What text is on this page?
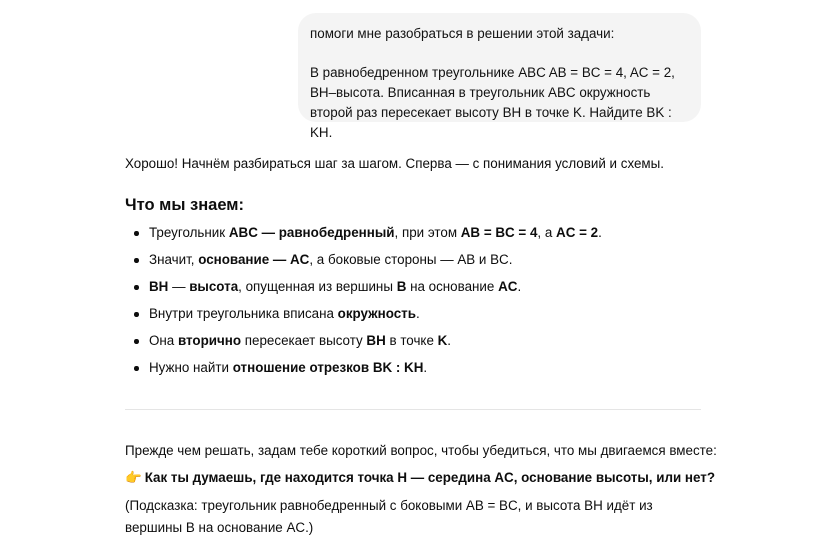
помоги мне разобраться в решении этой задачи:

В равнобедренном треугольнике ABC AB = BC = 4, AC = 2, BH–высота. Вписанная в треугольник ABC окружность второй раз пересекает высоту BH в точке K. Найдите BK : KH.

Хорошо! Начнём разбираться шаг за шагом. Сперва — с понимания условий и схемы.

Что мы знаем:
Треугольник ABC — равнобедренный, при этом AB = BC = 4, а AC = 2.
Значит, основание — AC, а боковые стороны — AB и BC.
BH — высота, опущенная из вершины B на основание AC.
Внутри треугольника вписана окружность.
Она вторично пересекает высоту BH в точке K.
Нужно найти отношение отрезков BK : KH.

Прежде чем решать, задам тебе короткий вопрос, чтобы убедиться, что мы двигаемся вместе:

👉 Как ты думаешь, где находится точка H — середина AC, основание высоты, или нет?

(Подсказка: треугольник равнобедренный с боковыми AB = BC, и высота BH идёт из вершины B на основание AC.)
